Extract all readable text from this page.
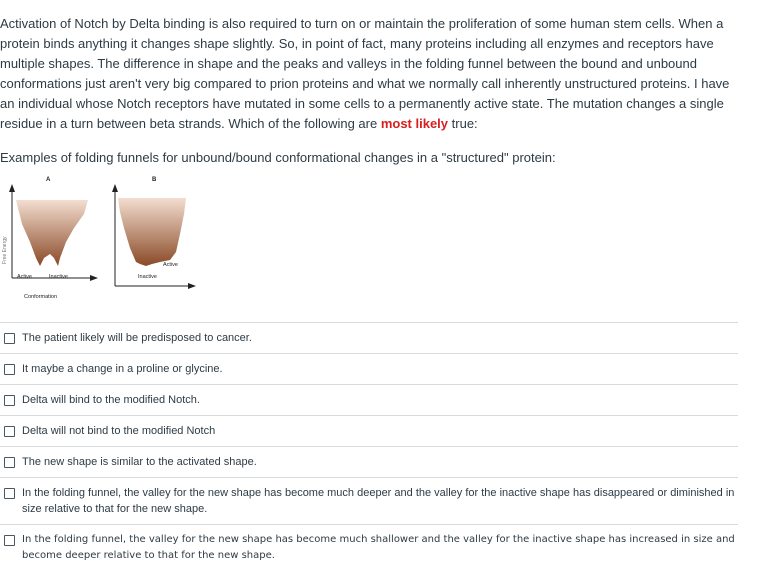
Activation of Notch by Delta binding is also required to turn on or maintain the proliferation of some human stem cells. When a protein binds anything it changes shape slightly. So, in point of fact, many proteins including all enzymes and receptors have multiple shapes. The difference in shape and the peaks and valleys in the folding funnel between the bound and unbound conformations just aren't very big compared to prion proteins and what we normally call inherently unstructured proteins. I have an individual whose Notch receptors have mutated in some cells to a permanently active state. The mutation changes a single residue in a turn between beta strands. Which of the following are most likely true:

Examples of folding funnels for unbound/bound conformational changes in a "structured" protein:
A
Free Energy
Active	Inactive
Conformation
B
Active
Inactive
The patient likely will be predisposed to cancer.
It maybe a change in a proline or glycine.
Delta will bind to the modified Notch.
Delta will not bind to the modified Notch
The new shape is similar to the activated shape.
In the folding funnel, the valley for the new shape has become much deeper and the valley for the inactive shape has disappeared or diminished in size relative to that for the new shape.
In the folding funnel, the valley for the new shape has become much shallower and the valley for the inactive shape has increased in size and become deeper relative to that for the new shape.
